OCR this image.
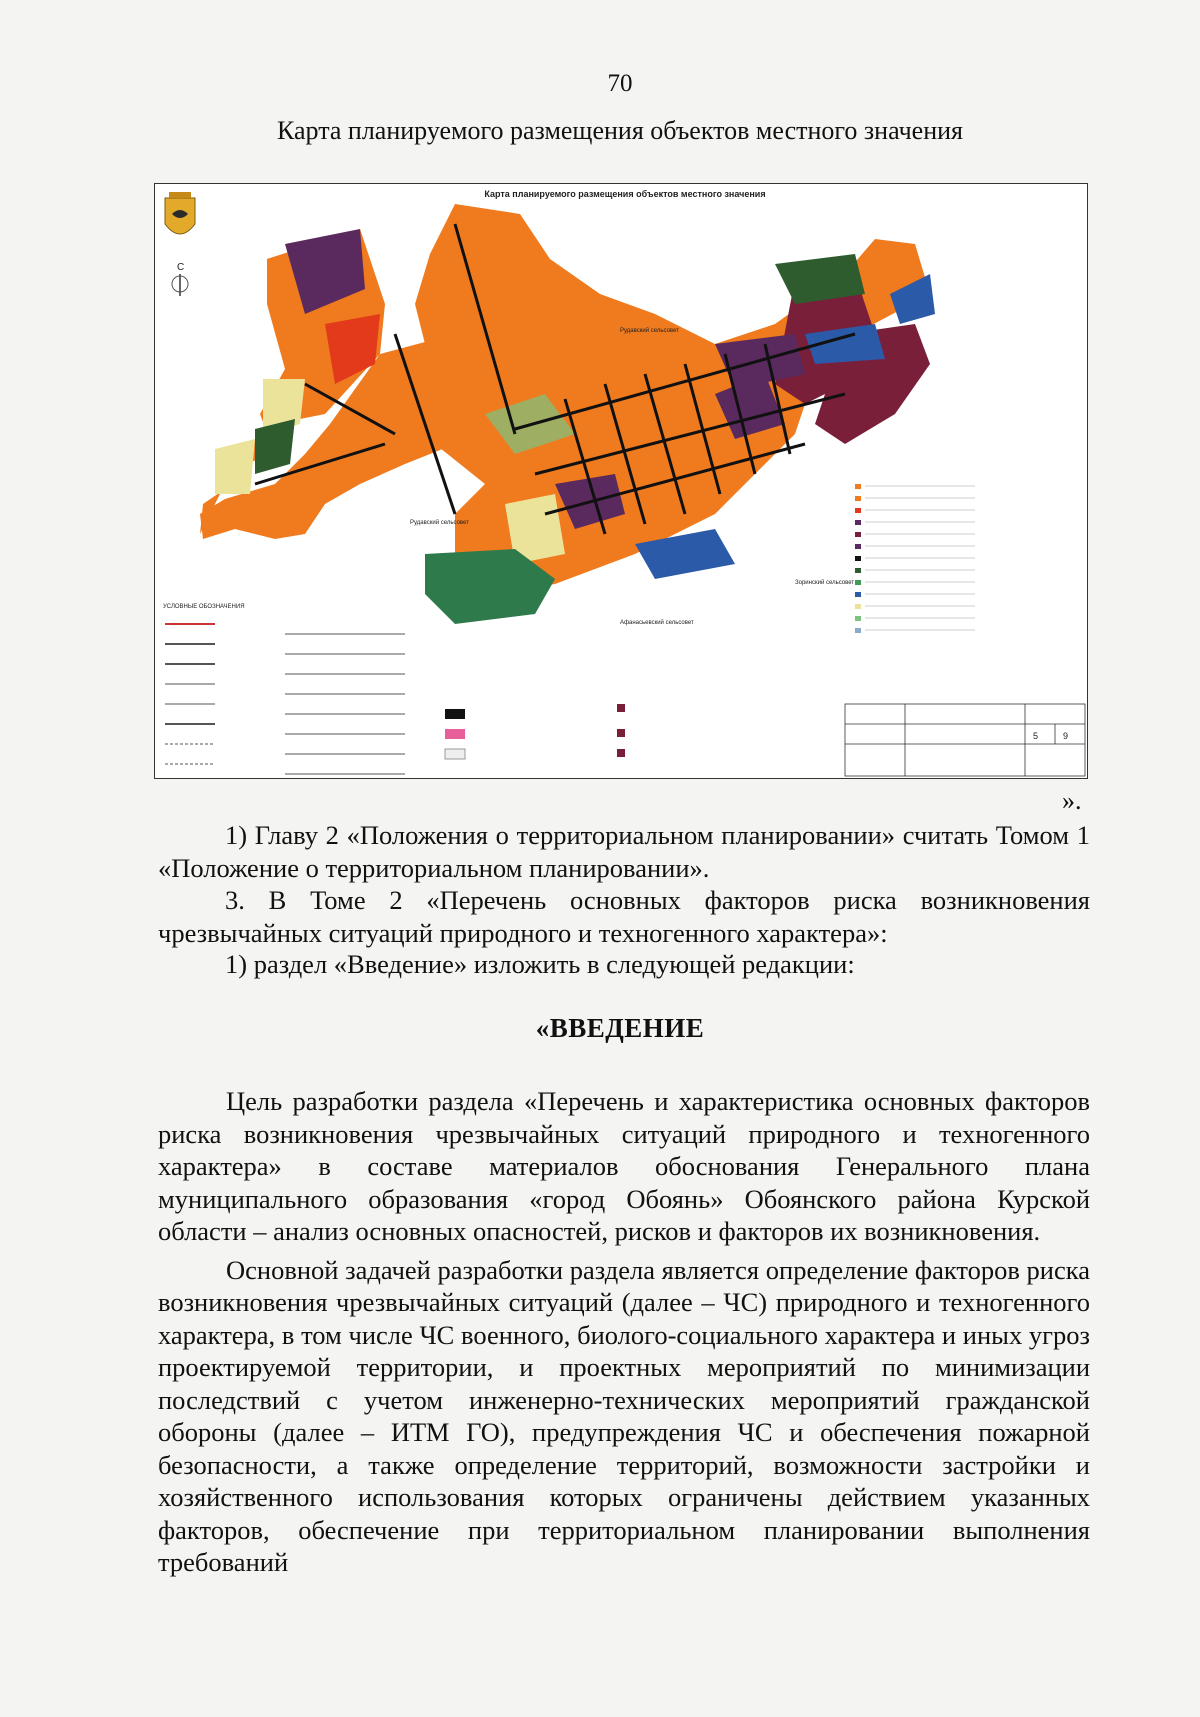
70
Карта планируемого размещения объектов местного значения
Карта планируемого размещения объектов местного значения
С
Рудавский сельсовет
Рудавский сельсовет
Зоринский сельсовет
Афанасьевский сельсовет
УСЛОВНЫЕ ОБОЗНАЧЕНИЯ
5	9
».
1) Главу 2 «Положения о территориальном планировании» считать Томом 1 «Положение о территориальном планировании».
3. В Томе 2 «Перечень основных факторов риска возникновения чрезвычайных ситуаций природного и техногенного характера»:
1) раздел «Введение» изложить в следующей редакции:
«ВВЕДЕНИЕ

Цель разработки раздела «Перечень и характеристика основных факторов риска возникновения чрезвычайных ситуаций природного и техногенного характера» в составе материалов обоснования Генерального плана муниципального образования «город Обоянь» Обоянского района Курской области – анализ основных опасностей, рисков и факторов их возникновения.

Основной задачей разработки раздела является определение факторов риска возникновения чрезвычайных ситуаций (далее – ЧС) природного и техногенного характера, в том числе ЧС военного, биолого-социального характера и иных угроз проектируемой территории, и проектных мероприятий по минимизации последствий с учетом инженерно-технических мероприятий гражданской обороны (далее – ИТМ ГО), предупреждения ЧС и обеспечения пожарной безопасности, а также определение территорий, возможности застройки и хозяйственного использования которых ограничены действием указанных факторов, обеспечение при территориальном планировании выполнения требований
